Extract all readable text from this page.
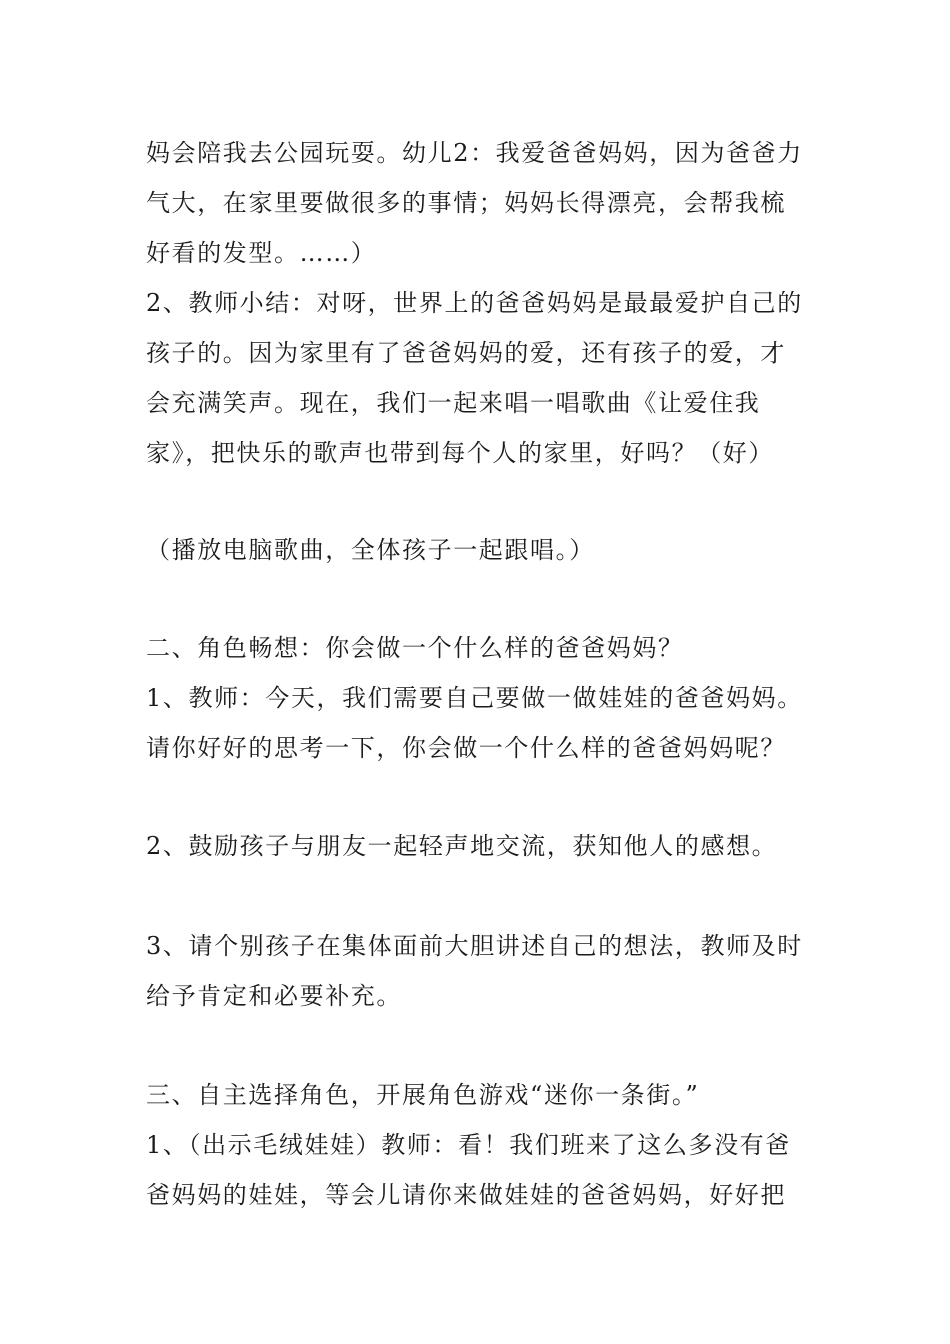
妈会陪我去公园玩耍。幼儿2：我爱爸爸妈妈，因为爸爸力
气大，在家里要做很多的事情；妈妈长得漂亮，会帮我梳
好看的发型。……）
2、教师小结：对呀，世界上的爸爸妈妈是最最爱护自己的
孩子的。因为家里有了爸爸妈妈的爱，还有孩子的爱，才
会充满笑声。现在，我们一起来唱一唱歌曲《让爱住我
家》，把快乐的歌声也带到每个人的家里，好吗？（好）
（播放电脑歌曲，全体孩子一起跟唱。）
二、角色畅想：你会做一个什么样的爸爸妈妈？
1、教师：今天，我们需要自己要做一做娃娃的爸爸妈妈。
请你好好的思考一下，你会做一个什么样的爸爸妈妈呢？
2、鼓励孩子与朋友一起轻声地交流，获知他人的感想。
3、请个别孩子在集体面前大胆讲述自己的想法，教师及时
给予肯定和必要补充。
三、自主选择角色，开展角色游戏“迷你一条街。”
1、（出示毛绒娃娃）教师：看！我们班来了这么多没有爸
爸妈妈的娃娃，等会儿请你来做娃娃的爸爸妈妈，好好把
